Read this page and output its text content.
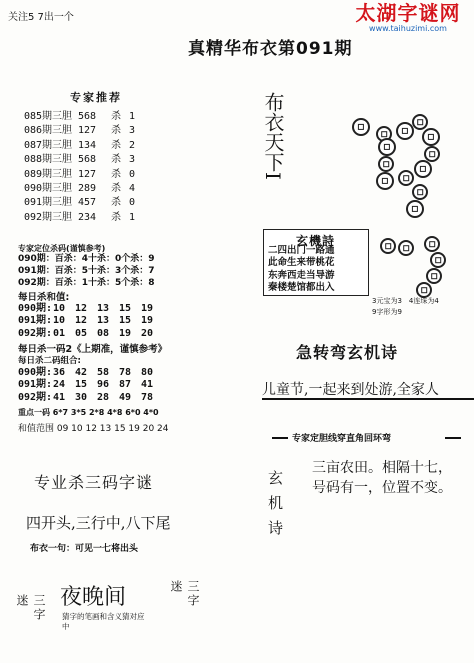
关注5 7出一个
真精华布衣第091期
太湖字谜网
www.taihuzimi.com
专家推荐
085期三胆 568 杀 1
086期三胆 127 杀 3
087期三胆 134 杀 2
088期三胆 568 杀 3
089期三胆 127 杀 0
090期三胆 289 杀 4
091期三胆 457 杀 0
092期三胆 234 杀 1
专家定位杀码(谨慎参考)
090期：百杀：4十杀：0个杀：9
091期：百杀：5十杀：3个杀：7
092期：百杀：1十杀：5个杀：8
每日杀和值:
090期:10 12 13 15 19
091期:10 12 13 15 19
092期:01 05 08 19 20
每日杀一码2《上期准，谨慎参考》
每日杀二码组合:
090期:36 42 58 78 80
091期:24 15 96 87 41
092期:41 30 28 49 78
重点一码 6*7 3*5 2*8 4*8 6*0 4*0
和值范围 09 10 12 13 15 19 20 24
专业杀三码字谜
四开头,三行中,八下尾
布衣一句：可见一七将出头
三字迷	三字迷
夜晚间
猜字的笔画和含义猜对应中
布衣天下I
玄機詩
二四出门一路通
此命生来带桃花
东奔西走当导游
秦楼楚馆都出入
3元宝为3　4连珠为4
9字形为9
急转弯玄机诗
儿童节,一起来到处游,全家人
专家定胆线穿直角回环弯
玄机诗
三亩农田。相隔十七，
号码有一，位置不变。
